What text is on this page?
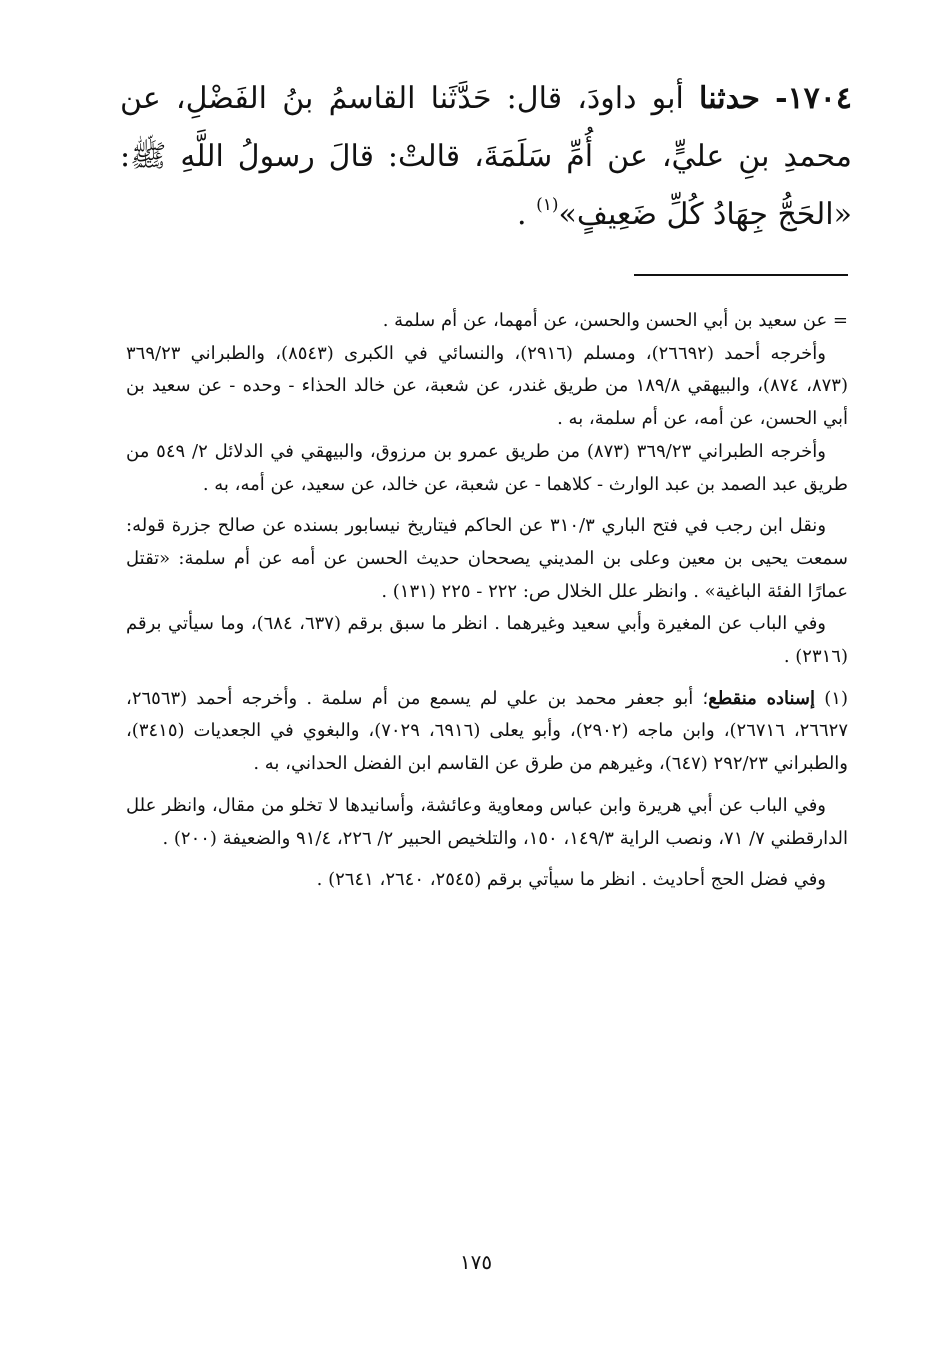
١٧٠٤- حدثنا أبو داودَ، قال: حَدَّثَنا القاسمُ بنُ الفَضْلِ، عن محمدِ بنِ عليٍّ، عن أُمِّ سَلَمَةَ، قالتْ: قالَ رسولُ اللَّهِ ﷺ: «الحَجُّ جِهَادُ كُلِّ ضَعِيفٍ»$^{(١)}$ .

= عن سعيد بن أبي الحسن والحسن، عن أمهما، عن أم سلمة .

وأخرجه أحمد (٢٦٦٩٢)، ومسلم (٢٩١٦)، والنسائي في الكبرى (٨٥٤٣)، والطبراني ٣٦٩/٢٣ (٨٧٣، ٨٧٤)، والبيهقي ١٨٩/٨ من طريق غندر، عن شعبة، عن خالد الحذاء - وحده - عن سعيد بن أبي الحسن، عن أمه، عن أم سلمة، به .

وأخرجه الطبراني ٣٦٩/٢٣ (٨٧٣) من طريق عمرو بن مرزوق، والبيهقي في الدلائل ٢/ ٥٤٩ من طريق عبد الصمد بن عبد الوارث - كلاهما - عن شعبة، عن خالد، عن سعيد، عن أمه، به .

ونقل ابن رجب في فتح الباري ٣١٠/٣ عن الحاكم فيتاريخ نيسابور بسنده عن صالح جزرة قوله: سمعت يحيى بن معين وعلى بن المديني يصححان حديث الحسن عن أمه عن أم سلمة: «تقتل عمارًا الفئة الباغية» . وانظر علل الخلال ص: ٢٢٢ - ٢٢٥ (١٣١) .

وفي الباب عن المغيرة وأبي سعيد وغيرهما . انظر ما سبق برقم (٦٣٧، ٦٨٤)، وما سيأتي برقم (٢٣١٦) .

(١) إسناده منقطع؛ أبو جعفر محمد بن علي لم يسمع من أم سلمة . وأخرجه أحمد (٢٦٥٦٣، ٢٦٦٢٧، ٢٦٧١٦)، وابن ماجه (٢٩٠٢)، وأبو يعلى (٦٩١٦، ٧٠٢٩)، والبغوي في الجعديات (٣٤١٥)، والطبراني ٢٩٢/٢٣ (٦٤٧)، وغيرهم من طرق عن القاسم ابن الفضل الحداني، به .

وفي الباب عن أبي هريرة وابن عباس ومعاوية وعائشة، وأسانيدها لا تخلو من مقال، وانظر علل الدارقطني ٧/ ٧١، ونصب الراية ١٤٩/٣، ١٥٠، والتلخيص الحبير ٢/ ٢٢٦، ٩١/٤ والضعيفة (٢٠٠) .

وفي فضل الحج أحاديث . انظر ما سيأتي برقم (٢٥٤٥، ٢٦٤٠، ٢٦٤١) .

١٧٥
